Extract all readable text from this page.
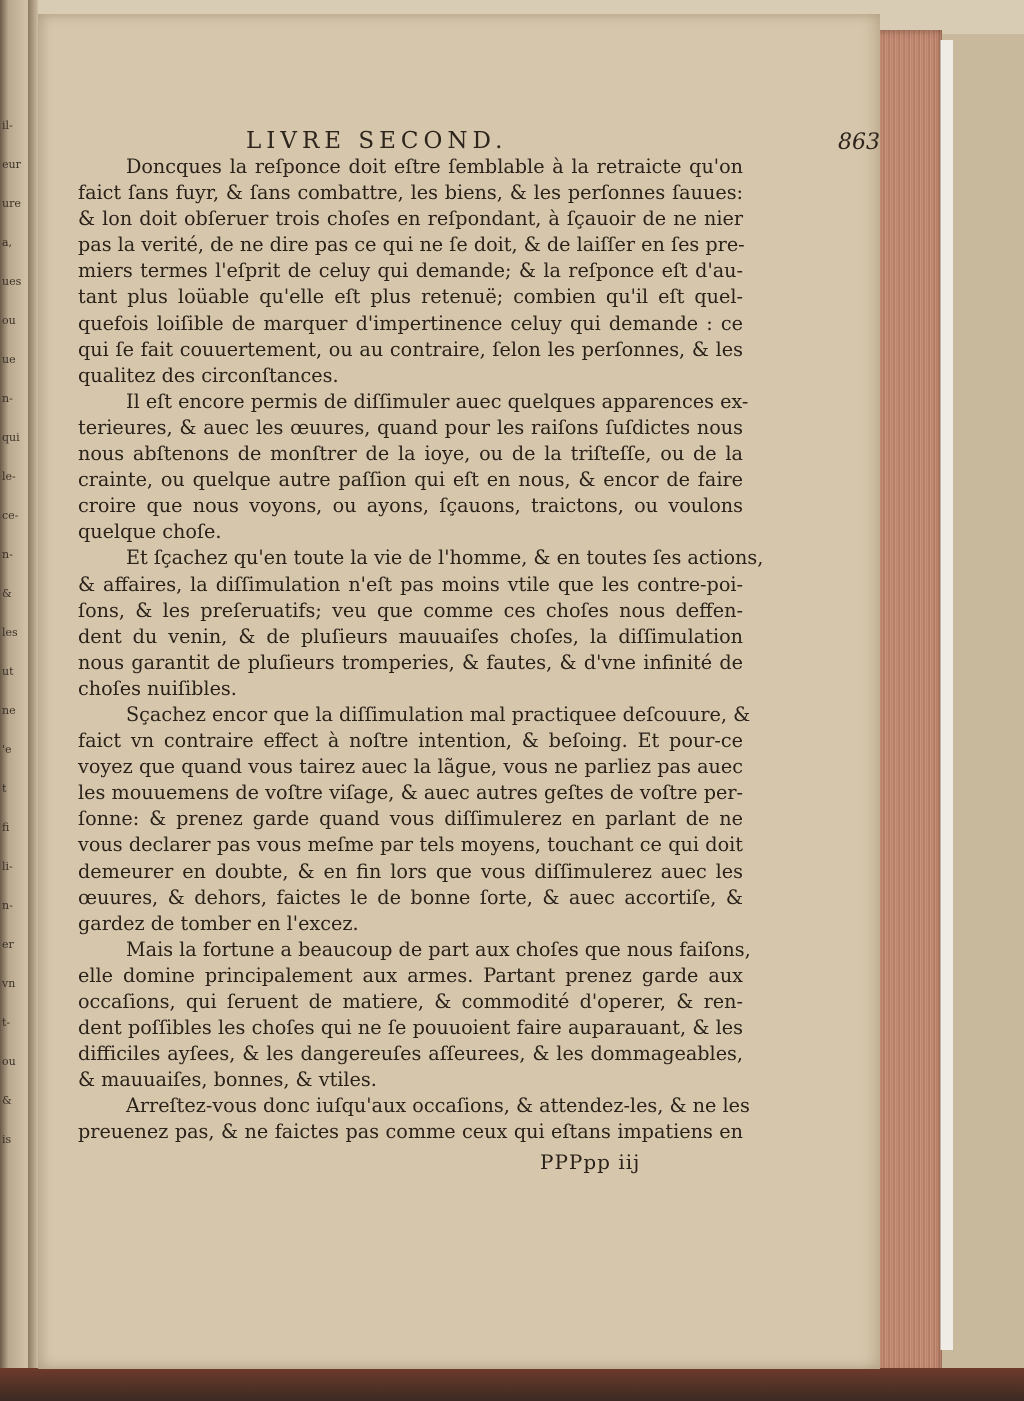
il-
eur
ure
a,
ues
ou
ue
n-
qui
le-
ce-
n-
&
les
ut
ne
'e
t
fi
li-
n-
er
vn
t-
ou
&
is
LIVRE SECOND.	863
Doncques la reſponce doit eſtre ſemblable à la retraicte qu'on
faict ſans fuyr, & ſans combattre, les biens, & les perſonnes ſauues:
& lon doit obſeruer trois choſes en reſpondant, à ſçauoir de ne nier
pas la verité, de ne dire pas ce qui ne ſe doit, & de laiſſer en ſes pre-
miers termes l'eſprit de celuy qui demande; & la reſponce eſt d'au-
tant plus loüable qu'elle eſt plus retenuë; combien qu'il eſt quel-
quefois loiſible de marquer d'impertinence celuy qui demande : ce
qui ſe fait couuertement, ou au contraire, ſelon les perſonnes, & les
qualitez des circonſtances.
Il eſt encore permis de diſſimuler auec quelques apparences ex-
terieures, & auec les œuures, quand pour les raiſons ſuſdictes nous
nous abſtenons de monſtrer de la ioye, ou de la triſteſſe, ou de la
crainte, ou quelque autre paſſion qui eſt en nous, & encor de faire
croire que nous voyons, ou ayons, ſçauons, traictons, ou voulons
quelque choſe.
Et ſçachez qu'en toute la vie de l'homme, & en toutes ſes actions,
& affaires, la diſſimulation n'eſt pas moins vtile que les contre-poi-
ſons, & les preſeruatifs; veu que comme ces choſes nous deffen-
dent du venin, & de pluſieurs mauuaiſes choſes, la diſſimulation
nous garantit de pluſieurs tromperies, & fautes, & d'vne infinité de
choſes nuiſibles.
Sçachez encor que la diſſimulation mal practiquee deſcouure, &
faict vn contraire effect à noſtre intention, & beſoing. Et pour-ce
voyez que quand vous tairez auec la lãgue, vous ne parliez pas auec
les mouuemens de voſtre viſage, & auec autres geſtes de voſtre per-
ſonne: & prenez garde quand vous diſſimulerez en parlant de ne
vous declarer pas vous meſme par tels moyens, touchant ce qui doit
demeurer en doubte, & en fin lors que vous diſſimulerez auec les
œuures, & dehors, faictes le de bonne ſorte, & auec accortiſe, &
gardez de tomber en l'excez.
Mais la fortune a beaucoup de part aux choſes que nous faiſons,
elle domine principalement aux armes. Partant prenez garde aux
occaſions, qui ſeruent de matiere, & commodité d'operer, & ren-
dent poſſibles les choſes qui ne ſe pouuoient faire auparauant, & les
difficiles ayſees, & les dangereuſes aſſeurees, & les dommageables,
& mauuaiſes, bonnes, & vtiles.
Arreſtez-vous donc iuſqu'aux occaſions, & attendez-les, & ne les
preuenez pas, & ne faictes pas comme ceux qui eſtans impatiens en
PPPpp iij
